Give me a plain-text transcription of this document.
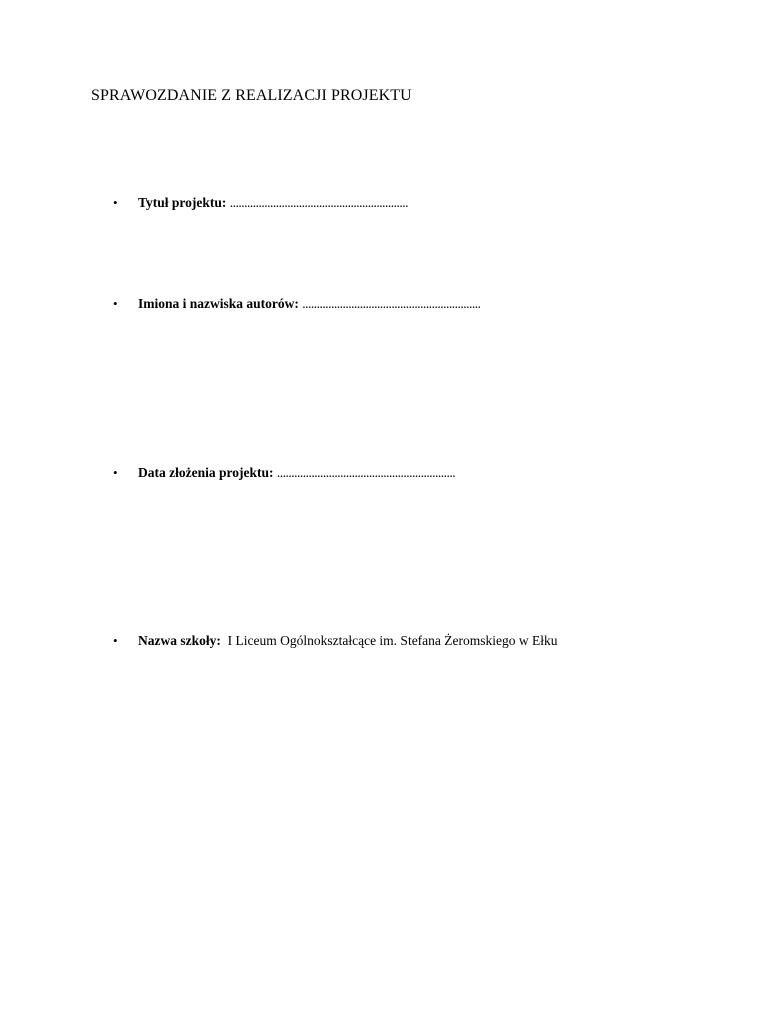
SPRAWOZDANIE Z REALIZACJI PROJEKTU
• Tytuł projektu: ..............................................................
• Imiona i nazwiska autorów: ..............................................................
• Data złożenia projektu: ..............................................................
• Nazwa szkoły: I Liceum Ogólnokształcące im. Stefana Żeromskiego w Ełku
